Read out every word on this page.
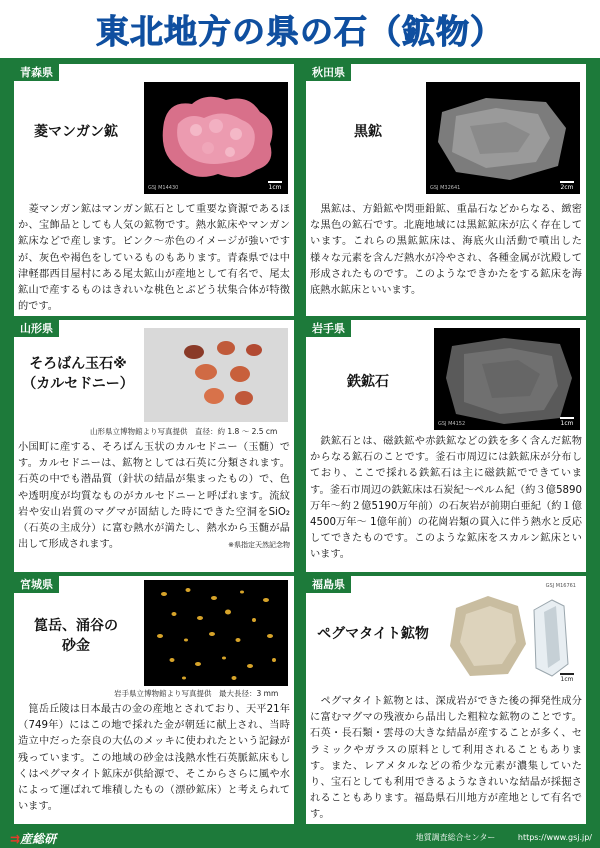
東北地方の県の石（鉱物）
青森県
菱マンガン鉱
GSJ M14430	1cm
　菱マンガン鉱はマンガン鉱石として重要な資源であるほか、宝飾品としても人気の鉱物です。熱水鉱床やマンガン鉱床などで産します。ピンク〜赤色のイメージが強いですが、灰色や褐色をしているものもあります。青森県では中津軽郡西目屋村にある尾太鉱山が産地として有名で、尾太鉱山で産するものはきれいな桃色とぶどう状集合体が特徴的です。
秋田県
黒鉱
GSJ M32641	2cm
　黒鉱は、方鉛鉱や閃亜鉛鉱、重晶石などからなる、緻密な黒色の鉱石です。北鹿地域には黒鉱鉱床が広く存在しています。これらの黒鉱鉱床は、海底火山活動で噴出した様々な元素を含んだ熱水が冷やされ、各種金属が沈殿して形成されたものです。このようなできかたをする鉱床を海底熱水鉱床といいます。
山形県
そろばん玉石※
（カルセドニー）
山形県立博物館より写真提供　直径：約 1.8 〜 2.5 cm
小国町に産する、そろばん玉状のカルセドニー（玉髄）です。カルセドニーは、鉱物としては石英に分類されます。石英の中でも潜晶質（針状の結晶が集まったもの）で、色や透明度が均質なものがカルセドニーと呼ばれます。流紋岩や安山岩質のマグマが固結した時にできた空洞をSiO₂（石英の主成分）に富む熱水が満たし、熱水から玉髄が晶出して形成されます。	※県指定天然記念物
岩手県
鉄鉱石
GSJ M4152	1cm
　鉄鉱石とは、磁鉄鉱や赤鉄鉱などの鉄を多く含んだ鉱物からなる鉱石のことです。釜石市周辺には鉄鉱床が分布しており、ここで採れる鉄鉱石は主に磁鉄鉱でできています。釜石市周辺の鉄鉱床は石炭紀〜ペルム紀（約３億5890万年〜約２億5190万年前）の石灰岩が前期白亜紀（約１億4500万年〜 1億年前）の花崗岩類の貫入に伴う熱水と反応してできたものです。このような鉱床をスカルン鉱床といいます。
宮城県
箟岳、涌谷の
砂金
岩手県立博物館より写真提供　最大長径：3 mm
　箟岳丘陵は日本最古の金の産地とされており、天平21年（749年）にはこの地で採れた金が朝廷に献上され、当時造立中だった奈良の大仏のメッキに使われたという記録が残っています。この地域の砂金は浅熱水性石英脈鉱床もしくはペグマタイト鉱床が供給源で、そこからさらに風や水によって運ばれて堆積したもの（漂砂鉱床）と考えられています。
福島県
ペグマタイト鉱物
GSJ M16761
1cm
　ペグマタイト鉱物とは、深成岩ができた後の揮発性成分に富むマグマの残液から晶出した粗粒な鉱物のことです。石英・長石類・雲母の大きな結晶が産することが多く、セラミックやガラスの原料として利用されることもあります。また、レアメタルなどの希少な元素が濃集していたり、宝石としても利用できるようなきれいな結晶が採掘されることもあります。福島県石川地方が産地として有名です。
⇉産総研	地質調査総合センター	https://www.gsj.jp/
